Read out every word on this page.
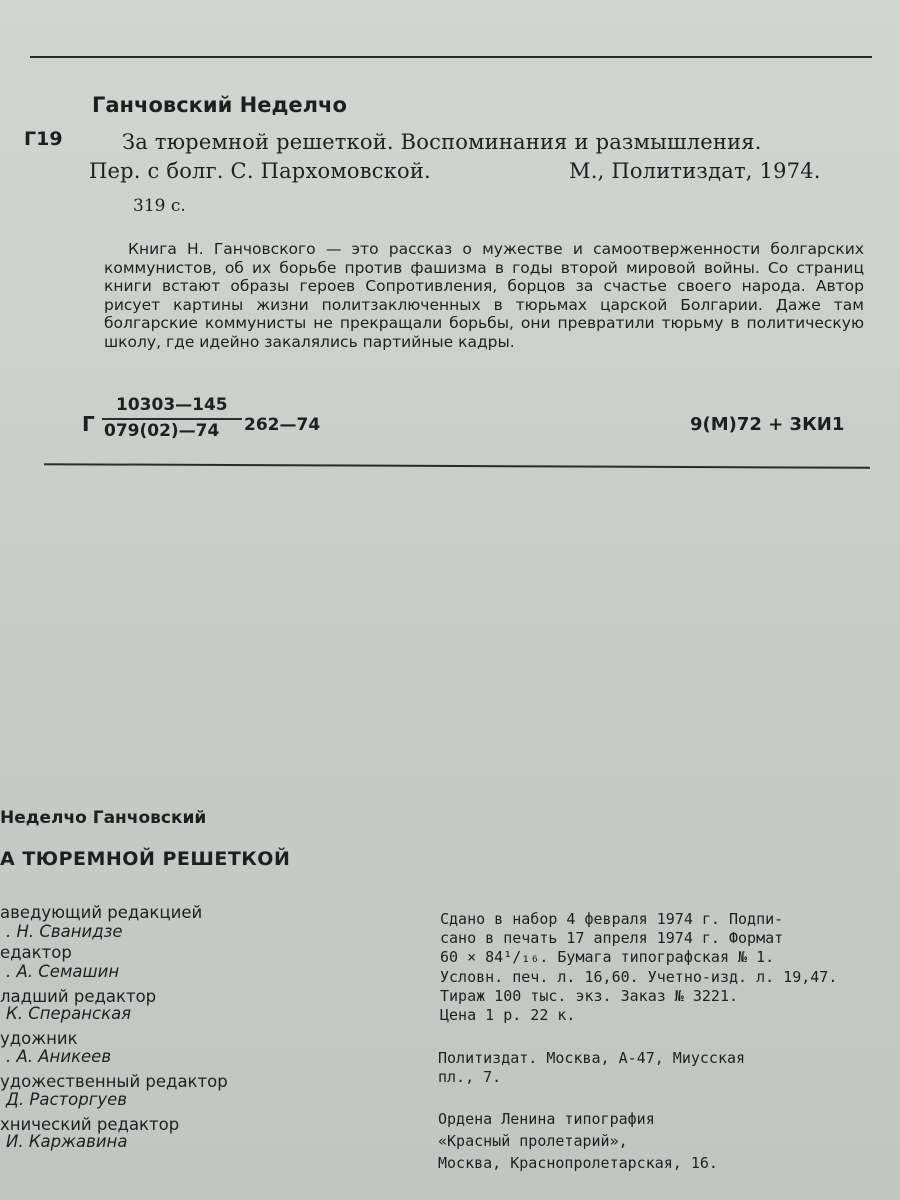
Ганчовский Неделчо
Г19	За тюремной решеткой. Воспоминания и размышления.
Пер. с болг. С. Пархомовской.	М., Политиздат, 1974.
319 с.

Книга Н. Ганчовского — это рассказ о мужестве и самоотверженности болгарских коммунистов, об их борьбе против фашизма в годы второй мировой войны. Со страниц книги встают образы героев Сопротивления, борцов за счастье своего народа. Автор рисует картины жизни политзаключенных в тюрьмах царской Болгарии. Даже там болгарские коммунисты не прекращали борьбы, они превратили тюрьму в политическую школу, где идейно закалялись партийные кадры.

Г
10303—145
079(02)—74 262—74	9(М)72 + 3КИ1
Неделчо Ганчовский
А ТЮРЕМНОЙ РЕШЕТКОЙ
аведующий редакцией
. Н. Сванидзе
едактор
. А. Семашин
ладший редактор
К. Сперанская
удожник
. А. Аникеев
удожественный редактор
Д. Расторгуев
хнический редактор
И. Каржавина
Сдано в набор 4 февраля 1974 г. Подпи-
сано в печать 17 апреля 1974 г. Формат
60 × 84¹/₁₆. Бумага типографская № 1.
Условн. печ. л. 16,60. Учетно-изд. л. 19,47.
Тираж 100 тыс. экз. Заказ № 3221.
Цена 1 р. 22 к.
Политиздат. Москва, А-47, Миусская
пл., 7.
Ордена Ленина типография
«Красный пролетарий»,
Москва, Краснопролетарская, 16.
